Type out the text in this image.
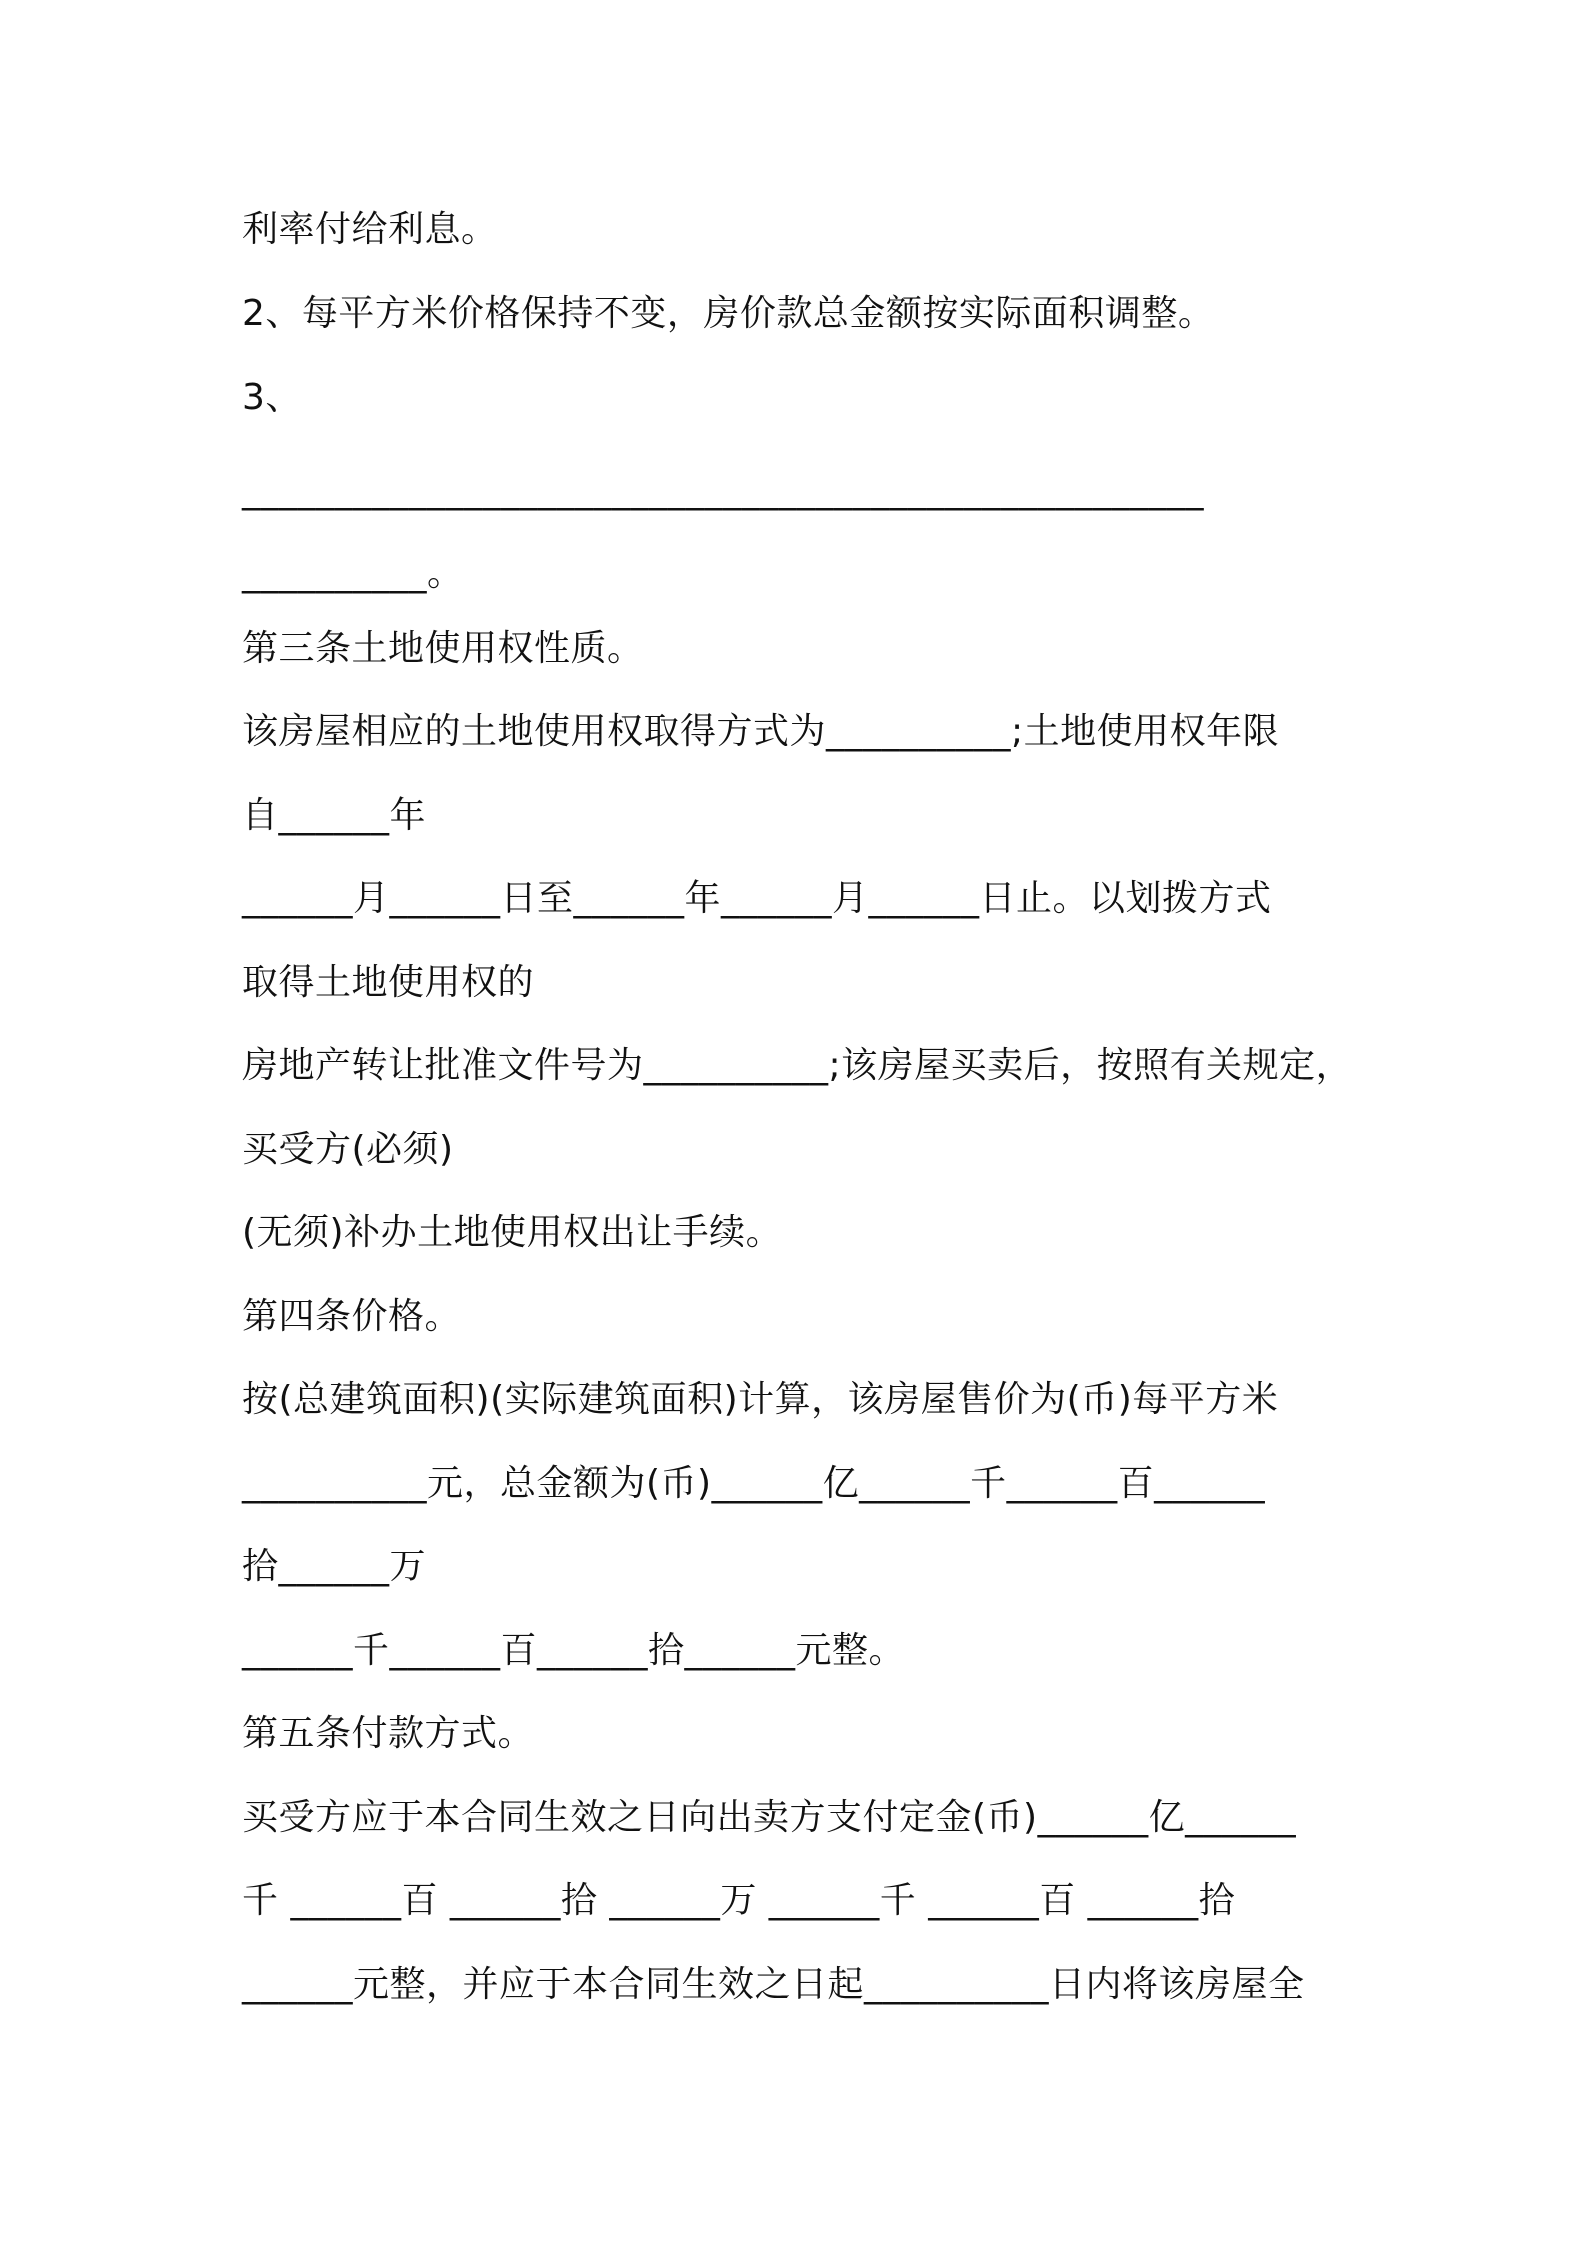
利率付给利息。
2、每平方米价格保持不变，房价款总金额按实际面积调整。
3、
____________________________________________________
__________。
第三条土地使用权性质。
该房屋相应的土地使用权取得方式为__________;土地使用权年限
自______年
______月______日至______年______月______日止。以划拨方式
取得土地使用权的
房地产转让批准文件号为__________;该房屋买卖后，按照有关规定，
买受方(必须)
(无须)补办土地使用权出让手续。
第四条价格。
按(总建筑面积)(实际建筑面积)计算，该房屋售价为(币)每平方米
__________元，总金额为(币)______亿______千______百______
拾______万
______千______百______拾______元整。
第五条付款方式。
买受方应于本合同生效之日向出卖方支付定金(币)______亿______
千 ______百 ______拾 ______万 ______千 ______百 ______拾
______元整，并应于本合同生效之日起__________日内将该房屋全
